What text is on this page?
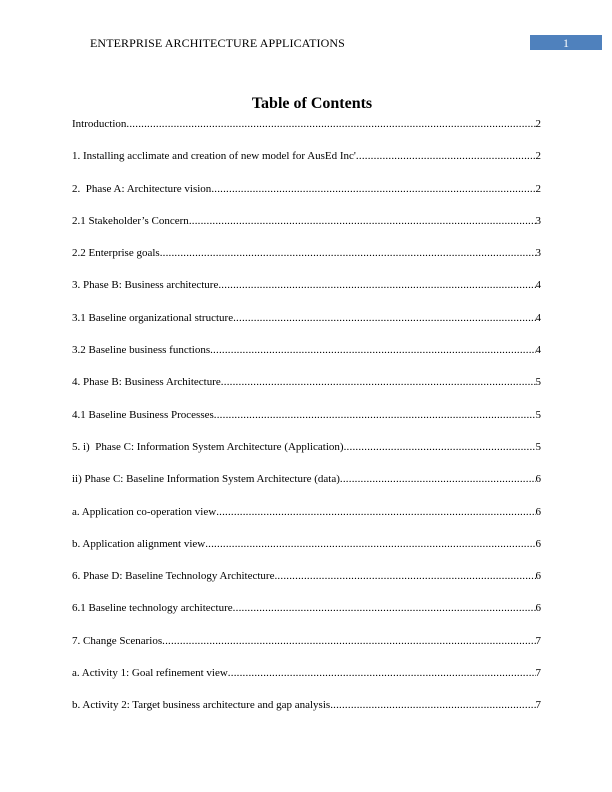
ENTERPRISE ARCHITECTURE APPLICATIONS	1
Table of Contents
Introduction .....	2
1. Installing acclimate and creation of new model for AusEd Inc' .....	2
2.  Phase A: Architecture vision .....	2
2.1 Stakeholder’s Concern .....	3
2.2 Enterprise goals .....	3
3. Phase B: Business architecture .....	4
3.1 Baseline organizational structure .....	4
3.2 Baseline business functions .....	4
4. Phase B: Business Architecture .....	5
4.1 Baseline Business Processes .....	5
5. i)  Phase C: Information System Architecture (Application) .....	5
ii) Phase C: Baseline Information System Architecture (data) .....	6
a. Application co-operation view .....	6
b. Application alignment view .....	6
6. Phase D: Baseline Technology Architecture .....	6
6.1 Baseline technology architecture .....	6
7. Change Scenarios .....	7
a. Activity 1: Goal refinement view .....	7
b. Activity 2: Target business architecture and gap analysis .....	7
